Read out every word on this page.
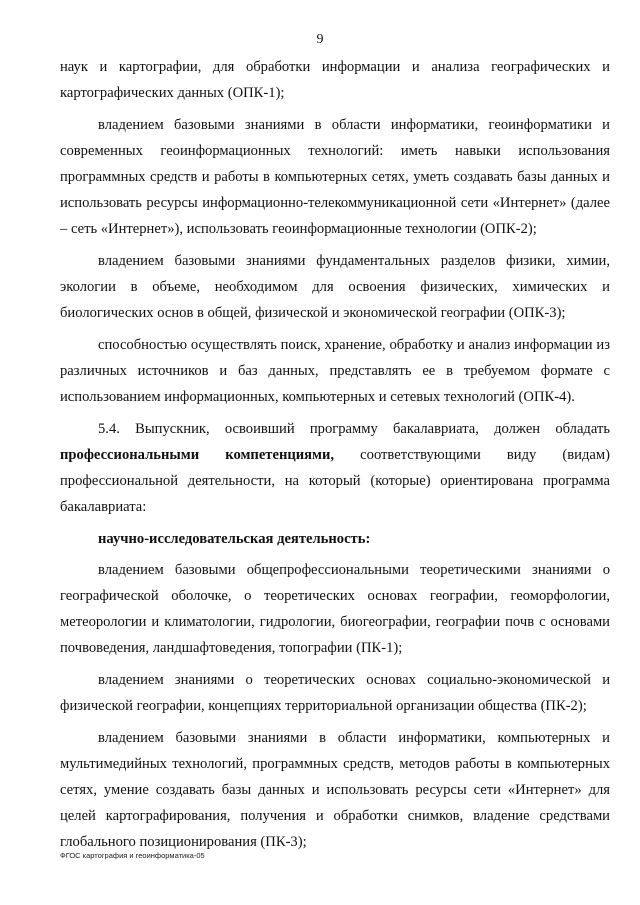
9

наук и картографии, для обработки информации и анализа географических и картографических данных (ОПК-1);

владением базовыми знаниями в области информатики, геоинформатики и современных геоинформационных технологий: иметь навыки использования программных средств и работы в компьютерных сетях, уметь создавать базы данных и использовать ресурсы информационно-телекоммуникационной сети «Интернет» (далее – сеть «Интернет»), использовать геоинформационные технологии (ОПК-2);

владением базовыми знаниями фундаментальных разделов физики, химии, экологии в объеме, необходимом для освоения физических, химических и биологических основ в общей, физической и экономической географии (ОПК-3);

способностью осуществлять поиск, хранение, обработку и анализ информации из различных источников и баз данных, представлять ее в требуемом формате с использованием информационных, компьютерных и сетевых технологий (ОПК-4).

5.4. Выпускник, освоивший программу бакалавриата, должен обладать профессиональными компетенциями, соответствующими виду (видам) профессиональной деятельности, на который (которые) ориентирована программа бакалавриата:

научно-исследовательская деятельность:

владением базовыми общепрофессиональными теоретическими знаниями о географической оболочке, о теоретических основах географии, геоморфологии, метеорологии и климатологии, гидрологии, биогеографии, географии почв с основами почвоведения, ландшафтоведения, топографии (ПК-1);

владением знаниями о теоретических основах социально-экономической и физической географии, концепциях территориальной организации общества (ПК-2);

владением базовыми знаниями в области информатики, компьютерных и мультимедийных технологий, программных средств, методов работы в компьютерных сетях, умение создавать базы данных и использовать ресурсы сети «Интернет» для целей картографирования, получения и обработки снимков, владение средствами глобального позиционирования (ПК-3);

ФГОС картография и геоинформатика-05
